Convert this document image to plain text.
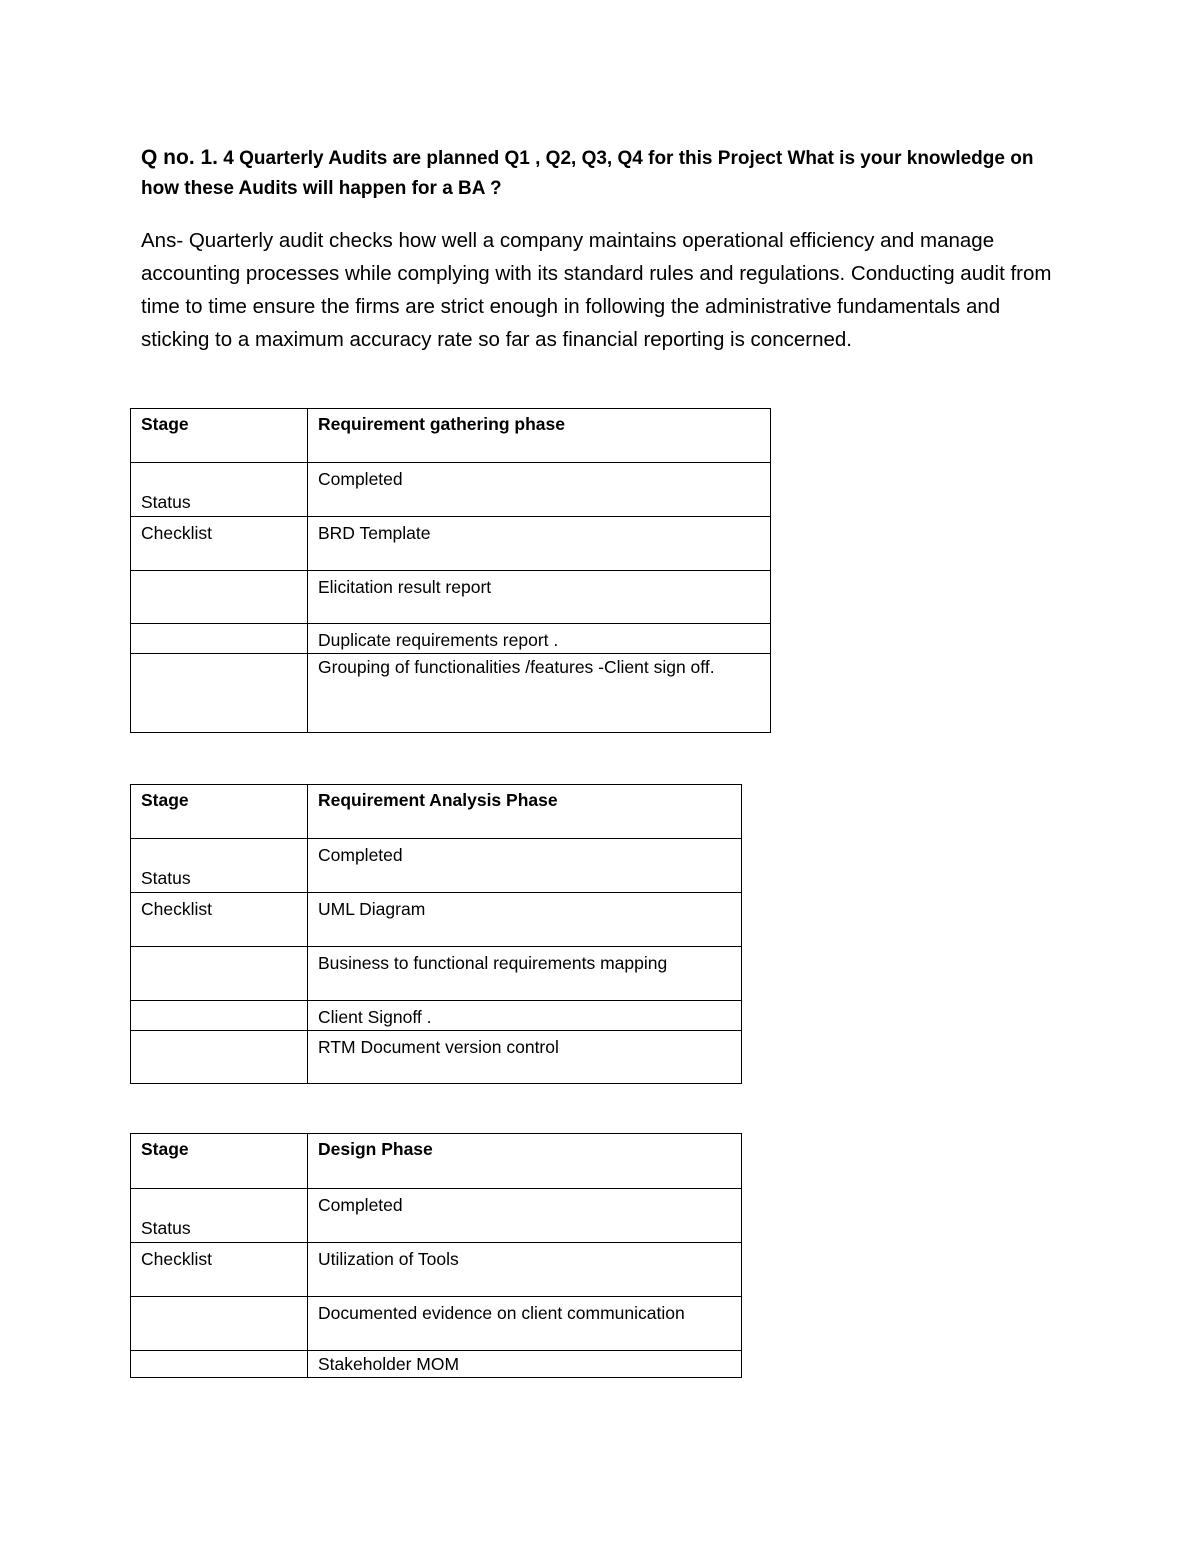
Q no. 1. 4 Quarterly Audits are planned Q1 , Q2, Q3, Q4 for this Project What is your knowledge on how these Audits will happen for a BA ?

Ans- Quarterly audit checks how well a company maintains operational efficiency and manage accounting processes while complying with its standard rules and regulations. Conducting audit from time to time ensure the firms are strict enough in following the administrative fundamentals and sticking to a maximum accuracy rate so far as financial reporting is concerned.

Stage	Requirement gathering phase
Status	Completed
Checklist	BRD Template
	Elicitation result report
	Duplicate requirements report .
	Grouping of functionalities /features -Client sign off.
Stage	Requirement Analysis Phase
Status	Completed
Checklist	UML Diagram
	Business to functional requirements mapping
	Client Signoff .
	RTM Document version control
Stage	Design Phase
Status	Completed
Checklist	Utilization of Tools
	Documented evidence on client communication
	Stakeholder MOM
